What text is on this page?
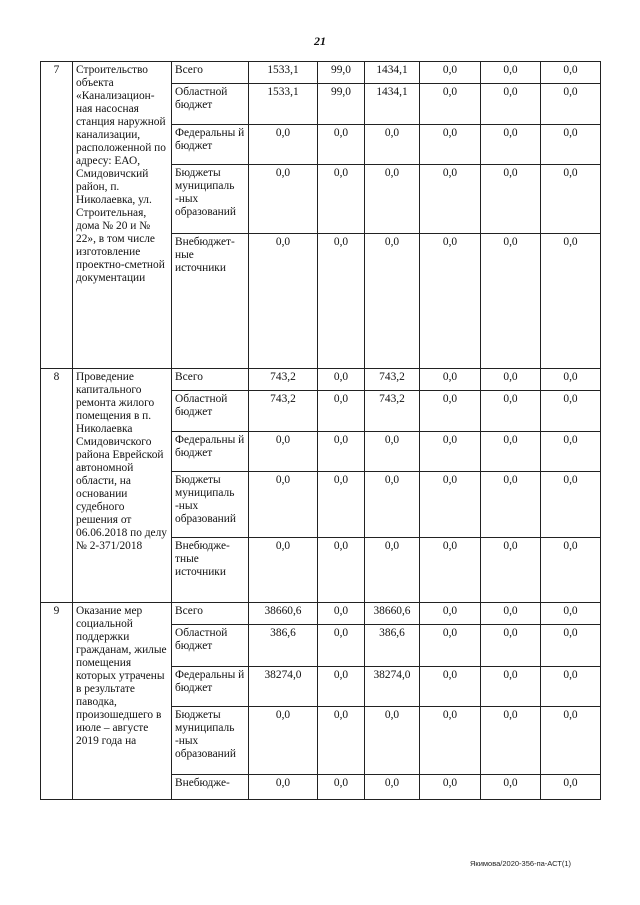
21
7	Строительство объекта «Канализацион-ная насосная станция наружной канализации, расположенной по адресу: ЕАО, Смидовичский район, п. Николаевка, ул. Строительная, дома № 20 и № 22», в том числе изготовление проектно-сметной документации	Всего	1533,1	99,0	1434,1	0,0	0,0	0,0
		Областной бюджет	1533,1	99,0	1434,1	0,0	0,0	0,0
		Федеральны й бюджет	0,0	0,0	0,0	0,0	0,0	0,0
		Бюджеты муниципаль -ных образований	0,0	0,0	0,0	0,0	0,0	0,0
		Внебюджет-ные источники	0,0	0,0	0,0	0,0	0,0	0,0
8	Проведение капитального ремонта жилого помещения в п. Николаевка Смидовичского района Еврейской автономной области, на основании судебного решения от 06.06.2018 по делу № 2-371/2018	Всего	743,2	0,0	743,2	0,0	0,0	0,0
		Областной бюджет	743,2	0,0	743,2	0,0	0,0	0,0
		Федеральны й бюджет	0,0	0,0	0,0	0,0	0,0	0,0
		Бюджеты муниципаль -ных образований	0,0	0,0	0,0	0,0	0,0	0,0
		Внебюдже-тные источники	0,0	0,0	0,0	0,0	0,0	0,0
9	Оказание мер социальной поддержки гражданам, жилые помещения которых утрачены в результате паводка, произошедшего в июле – августе 2019 года на	Всего	38660,6	0,0	38660,6	0,0	0,0	0,0
		Областной бюджет	386,6	0,0	386,6	0,0	0,0	0,0
		Федеральны й бюджет	38274,0	0,0	38274,0	0,0	0,0	0,0
		Бюджеты муниципаль -ных образований	0,0	0,0	0,0	0,0	0,0	0,0
		Внебюдже-	0,0	0,0	0,0	0,0	0,0	0,0
Якимова/2020-356-па-АСТ(1)
